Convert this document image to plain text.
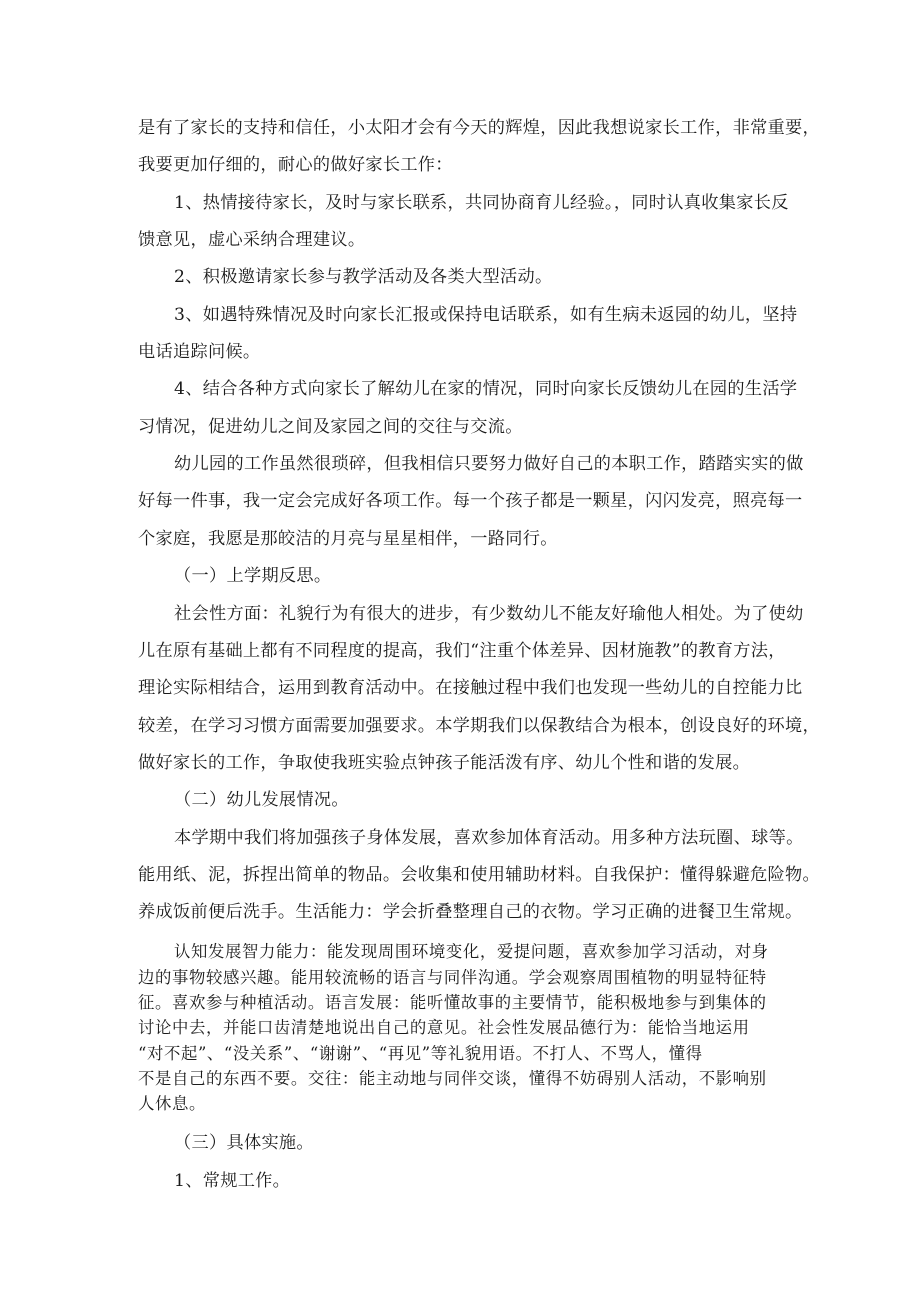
是有了家长的支持和信任，小太阳才会有今天的辉煌，因此我想说家长工作，非常重要，
我要更加仔细的，耐心的做好家长工作：
1、热情接待家长，及时与家长联系，共同协商育儿经验。，同时认真收集家长反
馈意见，虚心采纳合理建议。
2、积极邀请家长参与教学活动及各类大型活动。
3、如遇特殊情况及时向家长汇报或保持电话联系，如有生病未返园的幼儿，坚持
电话追踪问候。
4、结合各种方式向家长了解幼儿在家的情况，同时向家长反馈幼儿在园的生活学
习情况，促进幼儿之间及家园之间的交往与交流。
幼儿园的工作虽然很琐碎，但我相信只要努力做好自己的本职工作，踏踏实实的做
好每一件事，我一定会完成好各项工作。每一个孩子都是一颗星，闪闪发亮，照亮每一
个家庭，我愿是那皎洁的月亮与星星相伴，一路同行。
（一）上学期反思。
社会性方面：礼貌行为有很大的进步，有少数幼儿不能友好瑜他人相处。为了使幼
儿在原有基础上都有不同程度的提高，我们“注重个体差异、因材施教”的教育方法，
理论实际相结合，运用到教育活动中。在接触过程中我们也发现一些幼儿的自控能力比
较差，在学习习惯方面需要加强要求。本学期我们以保教结合为根本，创设良好的环境，
做好家长的工作，争取使我班实验点钟孩子能活泼有序、幼儿个性和谐的发展。
（二）幼儿发展情况。
本学期中我们将加强孩子身体发展，喜欢参加体育活动。用多种方法玩圈、球等。
能用纸、泥，拆捏出简单的物品。会收集和使用辅助材料。自我保护：懂得躲避危险物。
养成饭前便后洗手。生活能力：学会折叠整理自己的衣物。学习正确的进餐卫生常规。
认知发展智力能力：能发现周围环境变化，爱提问题，喜欢参加学习活动，对身
边的事物较感兴趣。能用较流畅的语言与同伴沟通。学会观察周围植物的明显特征特
征。喜欢参与种植活动。语言发展：能听懂故事的主要情节，能积极地参与到集体的
讨论中去，并能口齿清楚地说出自己的意见。社会性发展品德行为：能恰当地运用
“对不起”、“没关系”、“谢谢”、“再见”等礼貌用语。不打人、不骂人，懂得
不是自己的东西不要。交往：能主动地与同伴交谈，懂得不妨碍别人活动，不影响别
人休息。
（三）具体实施。
1、常规工作。
